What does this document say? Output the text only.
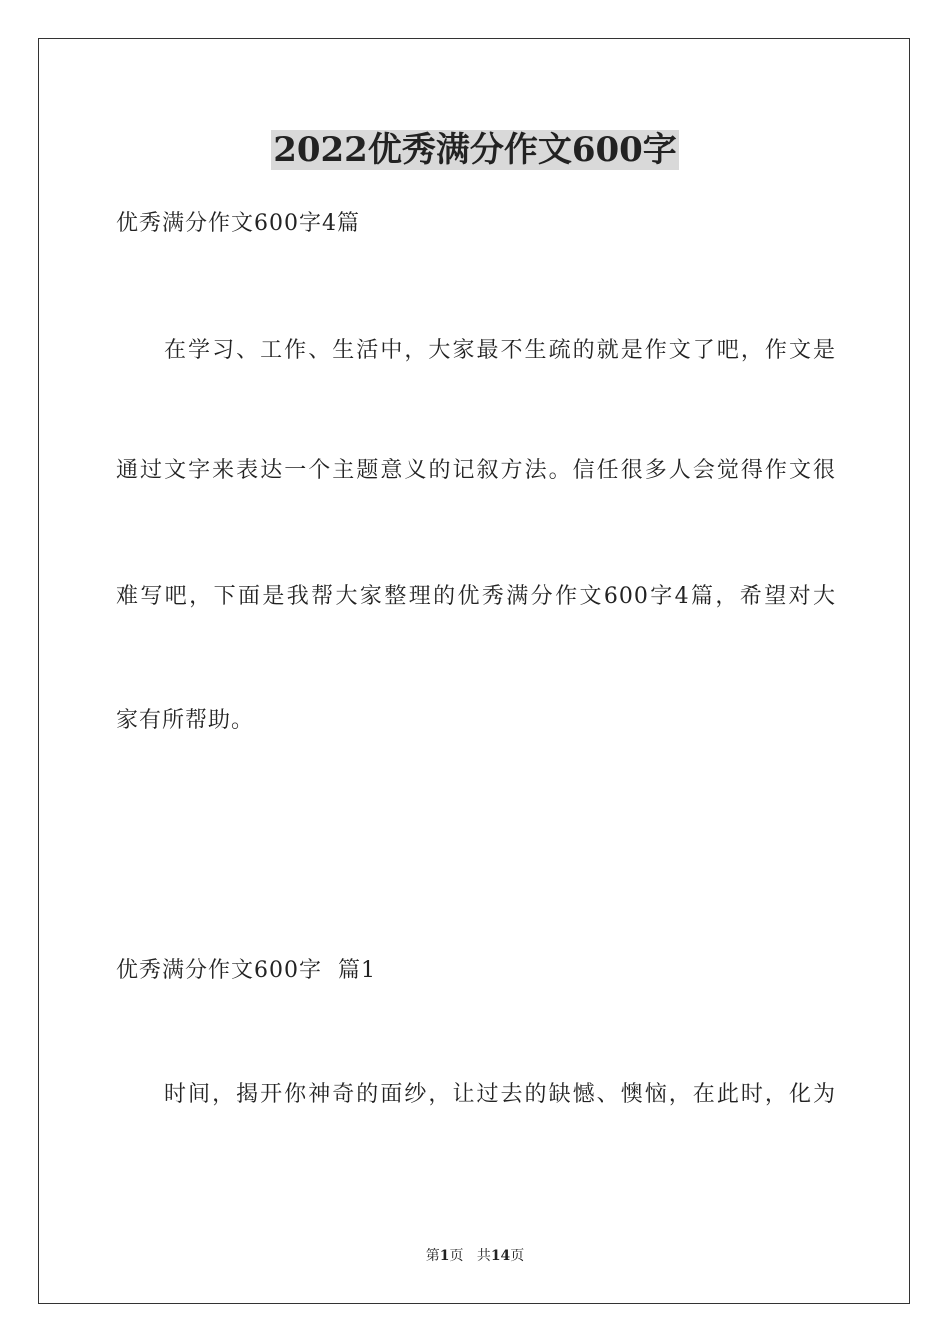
2022优秀满分作文600字
优秀满分作文600字4篇
在学习、工作、生活中，大家最不生疏的就是作文了吧，作文是
通过文字来表达一个主题意义的记叙方法。信任很多人会觉得作文很
难写吧，下面是我帮大家整理的优秀满分作文600字4篇，希望对大
家有所帮助。
优秀满分作文600字  篇1
时间，揭开你神奇的面纱，让过去的缺憾、懊恼，在此时，化为
第1页 共14页
